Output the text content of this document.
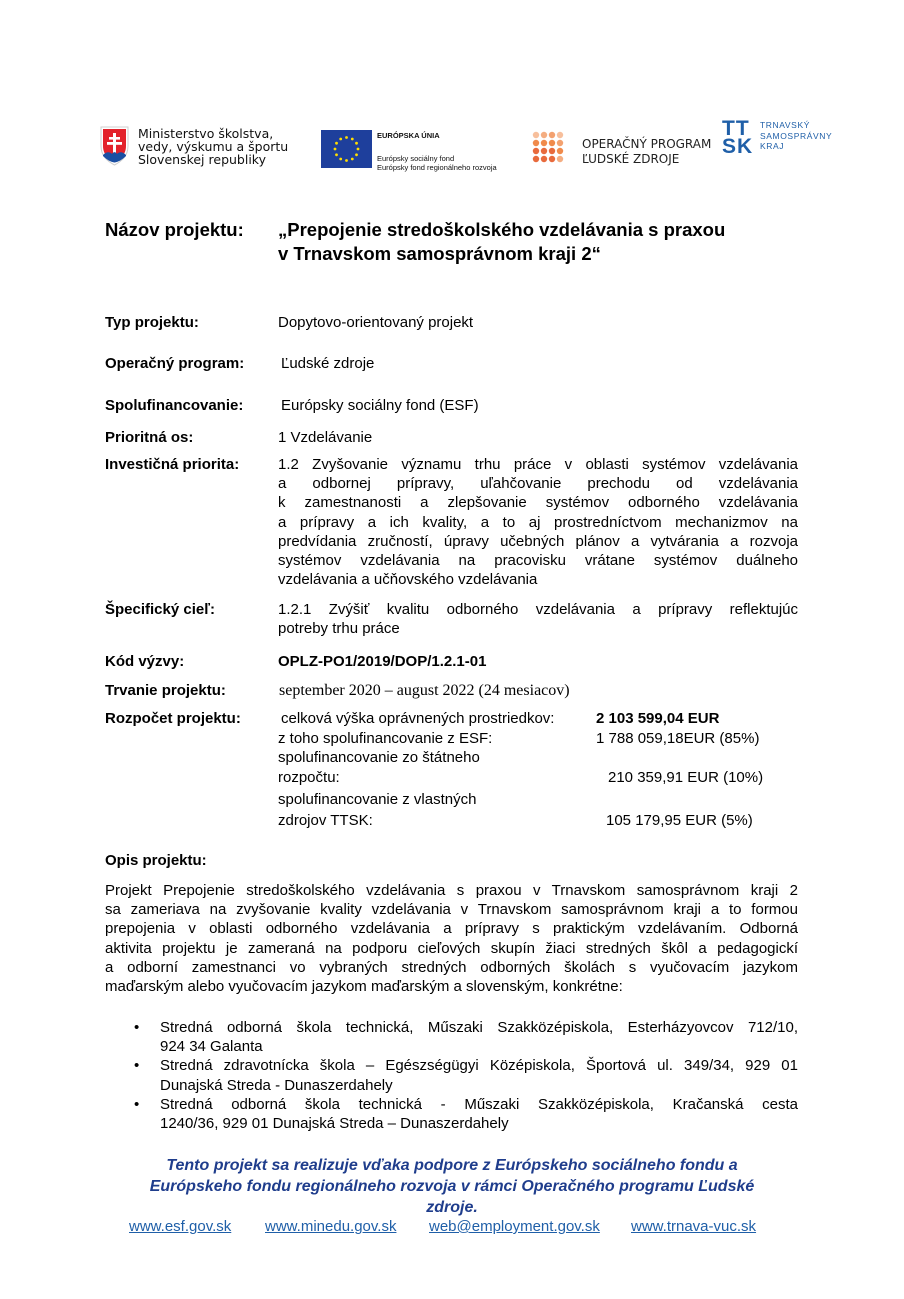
Ministerstvo školstva,
vedy, výskumu a športu
Slovenskej republiky
EURÓPSKA ÚNIA
Európsky sociálny fond
Európsky fond regionálneho rozvoja
OPERAČNÝ PROGRAM
ĽUDSKÉ ZDROJE
TT
SK
TRNAVSKÝ
SAMOSPRÁVNY
KRAJ
Názov projektu: „Prepojenie stredoškolského vzdelávania s praxou
v Trnavskom samosprávnom kraji 2“
Typ projektu:	Dopytovo-orientovaný projekt
Operačný program: Ľudské zdroje
Spolufinancovanie:	Európsky sociálny fond (ESF)
Prioritná os:	1 Vzdelávanie
Investičná priorita:	1.2 Zvyšovanie významu trhu práce v oblasti systémov vzdelávania
a odbornej prípravy, uľahčovanie prechodu od vzdelávania
k zamestnanosti a zlepšovanie systémov odborného vzdelávania
a prípravy a ich kvality, a to aj prostredníctvom mechanizmov na
predvídania zručností, úpravy učebných plánov a vytvárania a rozvoja
systémov vzdelávania na pracovisku vrátane systémov duálneho
vzdelávania a učňovského vzdelávania
Špecifický cieľ:	1.2.1 Zvýšiť kvalitu odborného vzdelávania a prípravy reflektujúc
potreby trhu práce
Kód výzvy:	OPLZ-PO1/2019/DOP/1.2.1-01
Trvanie projektu:	september 2020 – august 2022 (24 mesiacov)
Rozpočet projektu:	celková výška oprávnených prostriedkov:	2 103 599,04 EUR
z toho spolufinancovanie z ESF:	1 788 059,18EUR (85%)
spolufinancovanie zo štátneho
rozpočtu:	210 359,91 EUR (10%)
spolufinancovanie z vlastných
zdrojov TTSK:	105 179,95 EUR (5%)
Opis projektu:
Projekt Prepojenie stredoškolského vzdelávania s praxou v Trnavskom samosprávnom kraji 2
sa zameriava na zvyšovanie kvality vzdelávania v Trnavskom samosprávnom kraji a to formou
prepojenia v oblasti odborného vzdelávania a prípravy s praktickým vzdelávaním. Odborná
aktivita projektu je zameraná na podporu cieľových skupín žiaci stredných škôl a pedagogickí
a odborní zamestnanci vo vybraných stredných odborných školách s vyučovacím jazykom
maďarským alebo vyučovacím jazykom maďarským a slovenským, konkrétne:
• Stredná odborná škola technická, Műszaki Szakközépiskola, Esterházyovcov 712/10,
924 34 Galanta
• Stredná zdravotnícka škola – Egészségügyi Középiskola, Športová ul. 349/34, 929 01
Dunajská Streda - Dunaszerdahely
• Stredná odborná škola technická - Műszaki Szakközépiskola, Kračanská cesta
1240/36, 929 01 Dunajská Streda – Dunaszerdahely
Tento projekt sa realizuje vďaka podpore z Európskeho sociálneho fondu a
Európskeho fondu regionálneho rozvoja v rámci Operačného programu Ľudské
zdroje.
www.esf.gov.sk www.minedu.gov.sk web@employment.gov.sk www.trnava-vuc.sk
